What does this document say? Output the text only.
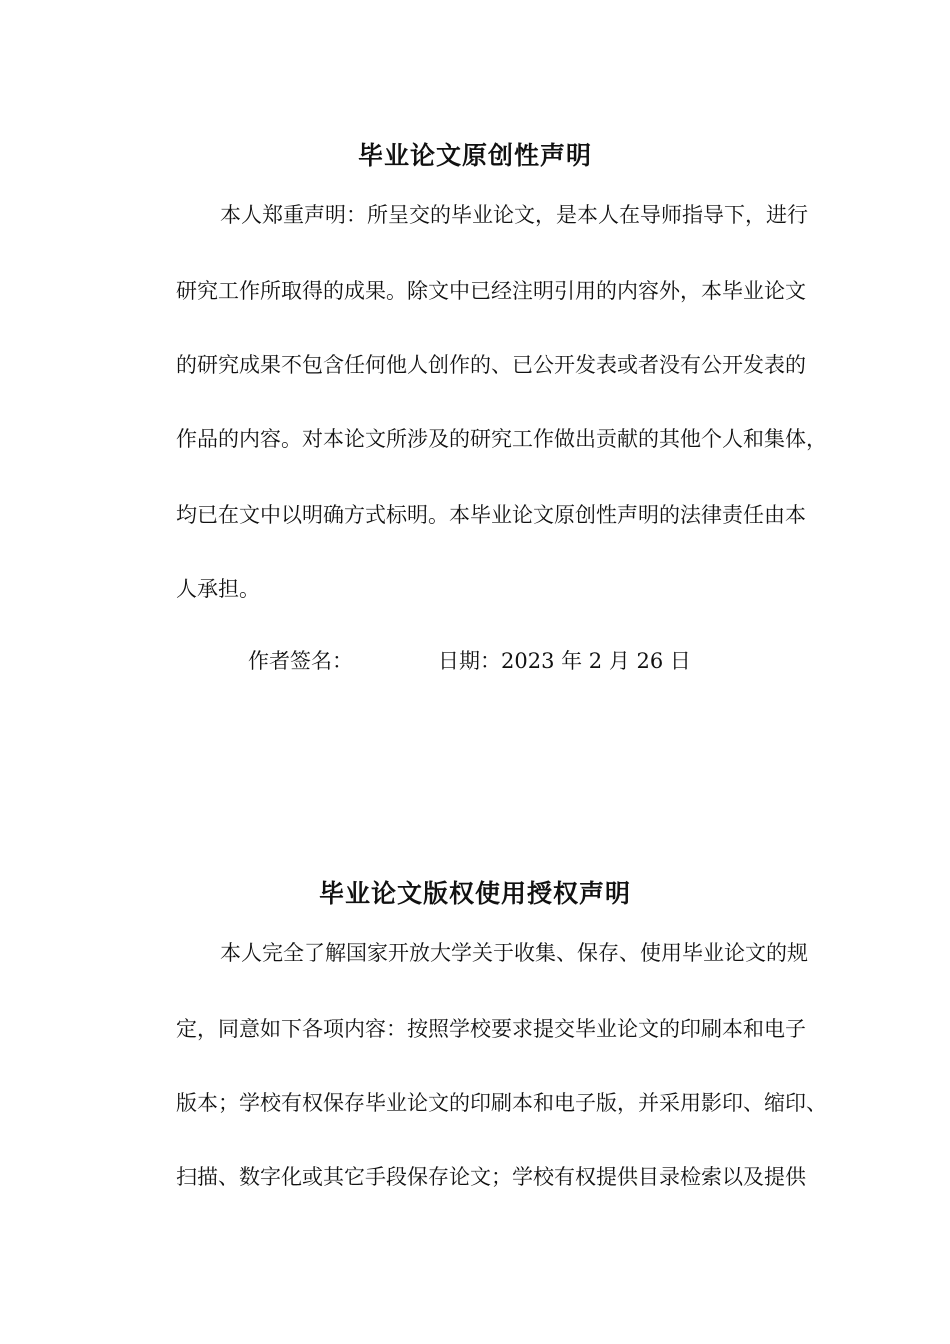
毕业论文原创性声明

本人郑重声明：所呈交的毕业论文，是本人在导师指导下，进行

研究工作所取得的成果。除文中已经注明引用的内容外，本毕业论文

的研究成果不包含任何他人创作的、已公开发表或者没有公开发表的

作品的内容。对本论文所涉及的研究工作做出贡献的其他个人和集体，

均已在文中以明确方式标明。本毕业论文原创性声明的法律责任由本

人承担。

作者签名：	日期：2023 年 2 月 26 日
毕业论文版权使用授权声明

本人完全了解国家开放大学关于收集、保存、使用毕业论文的规

定，同意如下各项内容：按照学校要求提交毕业论文的印刷本和电子

版本；学校有权保存毕业论文的印刷本和电子版，并采用影印、缩印、

扫描、数字化或其它手段保存论文；学校有权提供目录检索以及提供
